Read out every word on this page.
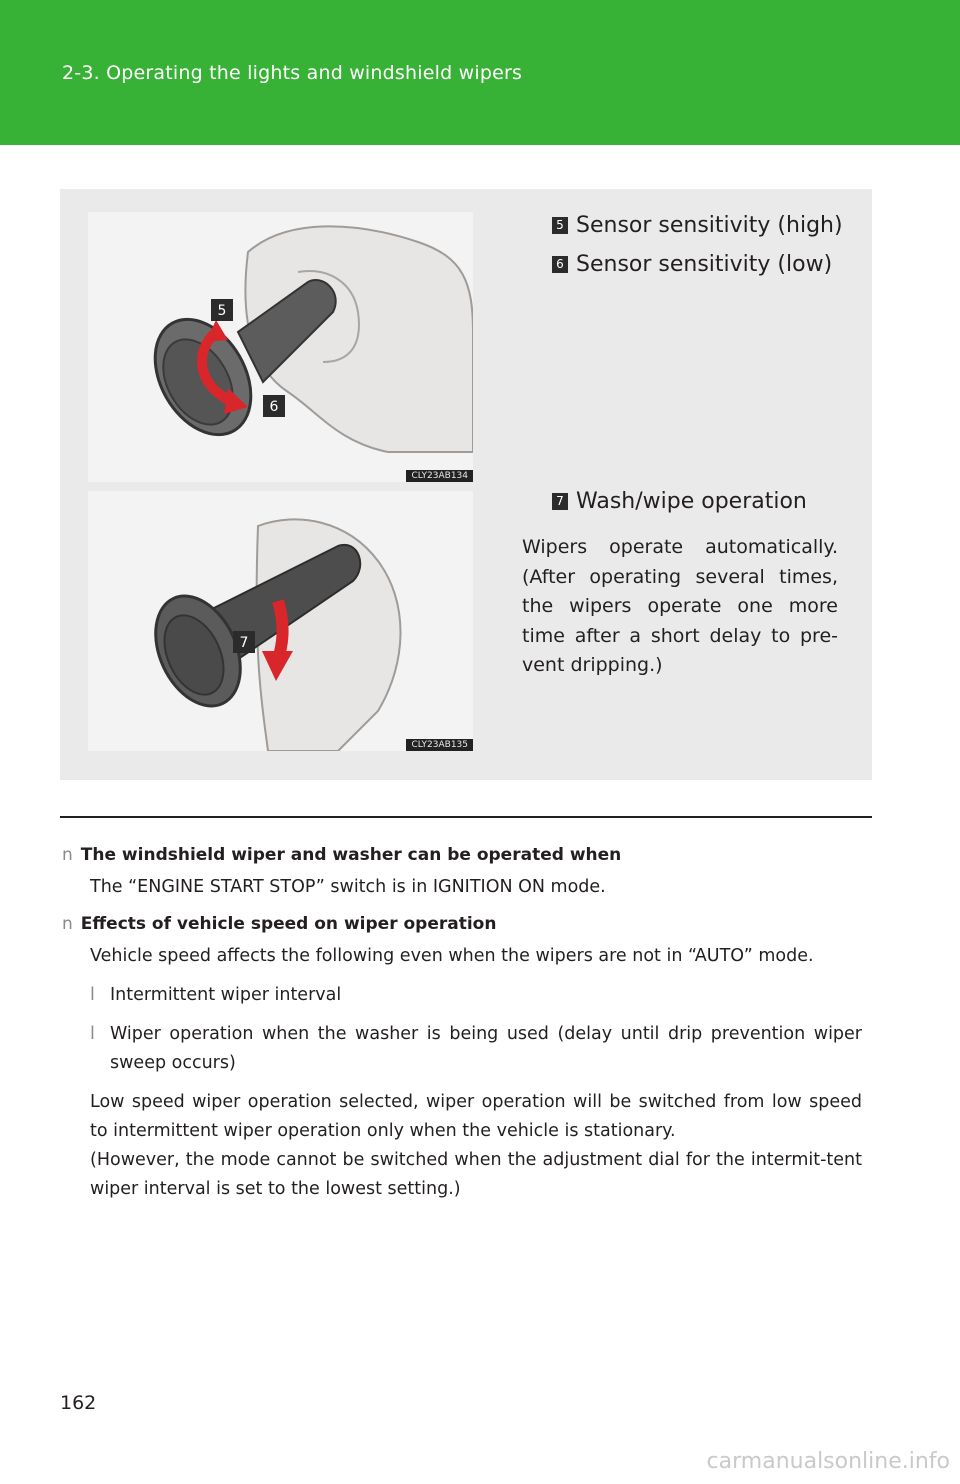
2-3. Operating the lights and windshield wipers
5
6
CLY23AB134
7
CLY23AB135
5 Sensor sensitivity (high)
6 Sensor sensitivity (low)
7 Wash/wipe operation
Wipers operate automatically. (After operating several times, the wipers operate one more time after a short delay to pre-vent dripping.)
n The windshield wiper and washer can be operated when
The “ENGINE START STOP” switch is in IGNITION ON mode.
n Effects of vehicle speed on wiper operation
Vehicle speed affects the following even when the wipers are not in “AUTO” mode.
l Intermittent wiper interval
l Wiper operation when the washer is being used (delay until drip prevention wiper sweep occurs)
Low speed wiper operation selected, wiper operation will be switched from low speed to intermittent wiper operation only when the vehicle is stationary.
(However, the mode cannot be switched when the adjustment dial for the intermit-tent wiper interval is set to the lowest setting.)
162
carmanualsonline.info
